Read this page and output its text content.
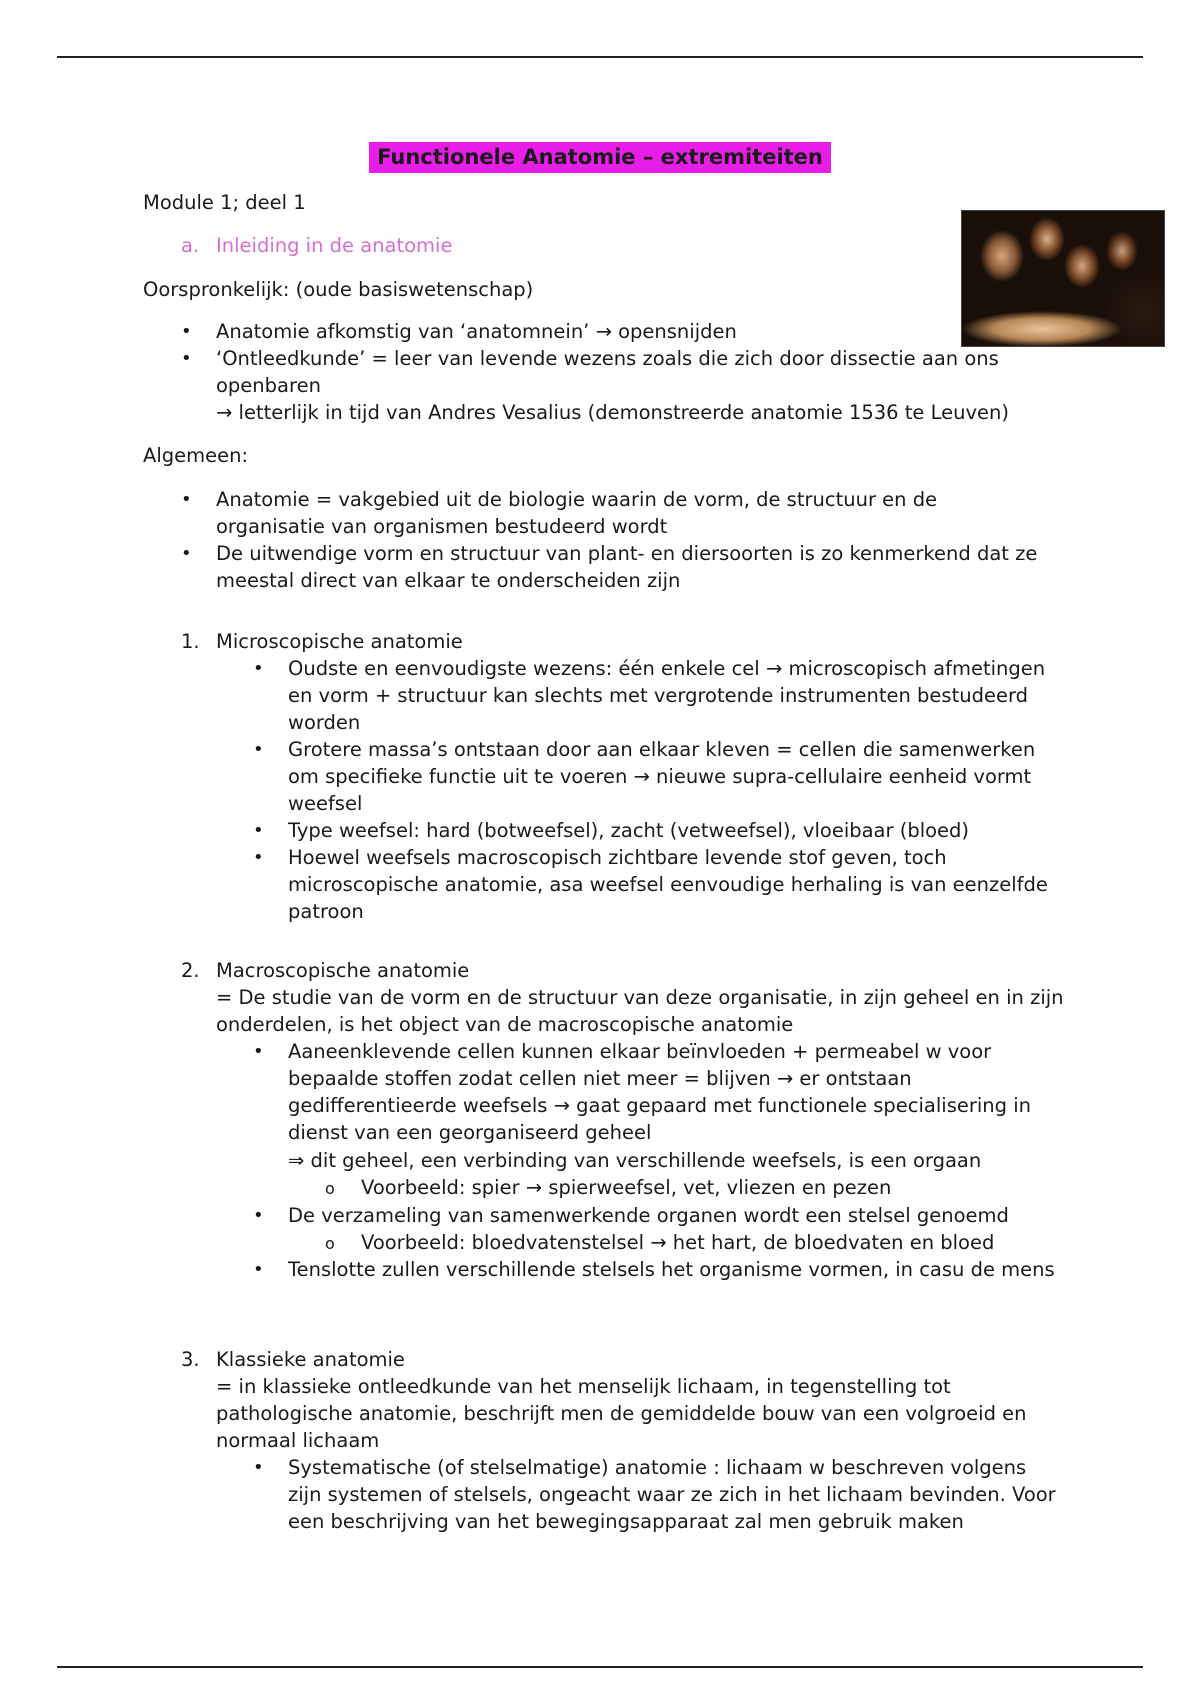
Functionele Anatomie – extremiteiten
Module 1; deel 1
a. Inleiding in de anatomie
Oorspronkelijk: (oude basiswetenschap)
• Anatomie afkomstig van ‘anatomnein’ → opensnijden
• ‘Ontleedkunde’ = leer van levende wezens zoals die zich door dissectie aan ons openbaren
→ letterlijk in tijd van Andres Vesalius (demonstreerde anatomie 1536 te Leuven)
Algemeen:
• Anatomie = vakgebied uit de biologie waarin de vorm, de structuur en de organisatie van organismen bestudeerd wordt
• De uitwendige vorm en structuur van plant- en diersoorten is zo kenmerkend dat ze meestal direct van elkaar te onderscheiden zijn
1. Microscopische anatomie
• Oudste en eenvoudigste wezens: één enkele cel → microscopisch afmetingen en vorm + structuur kan slechts met vergrotende instrumenten bestudeerd worden
• Grotere massa’s ontstaan door aan elkaar kleven = cellen die samenwerken om specifieke functie uit te voeren → nieuwe supra-cellulaire eenheid vormt weefsel
• Type weefsel: hard (botweefsel), zacht (vetweefsel), vloeibaar (bloed)
• Hoewel weefsels macroscopisch zichtbare levende stof geven, toch microscopische anatomie, asa weefsel eenvoudige herhaling is van eenzelfde patroon
2. Macroscopische anatomie
= De studie van de vorm en de structuur van deze organisatie, in zijn geheel en in zijn onderdelen, is het object van de macroscopische anatomie
• Aaneenklevende cellen kunnen elkaar beïnvloeden + permeabel w voor bepaalde stoffen zodat cellen niet meer = blijven → er ontstaan gedifferentieerde weefsels → gaat gepaard met functionele specialisering in dienst van een georganiseerd geheel
⇒ dit geheel, een verbinding van verschillende weefsels, is een orgaan
o Voorbeeld: spier → spierweefsel, vet, vliezen en pezen
• De verzameling van samenwerkende organen wordt een stelsel genoemd
o Voorbeeld: bloedvatenstelsel → het hart, de bloedvaten en bloed
• Tenslotte zullen verschillende stelsels het organisme vormen, in casu de mens
3. Klassieke anatomie
= in klassieke ontleedkunde van het menselijk lichaam, in tegenstelling tot pathologische anatomie, beschrijft men de gemiddelde bouw van een volgroeid en normaal lichaam
• Systematische (of stelselmatige) anatomie : lichaam w beschreven volgens zijn systemen of stelsels, ongeacht waar ze zich in het lichaam bevinden. Voor een beschrijving van het bewegingsapparaat zal men gebruik maken
